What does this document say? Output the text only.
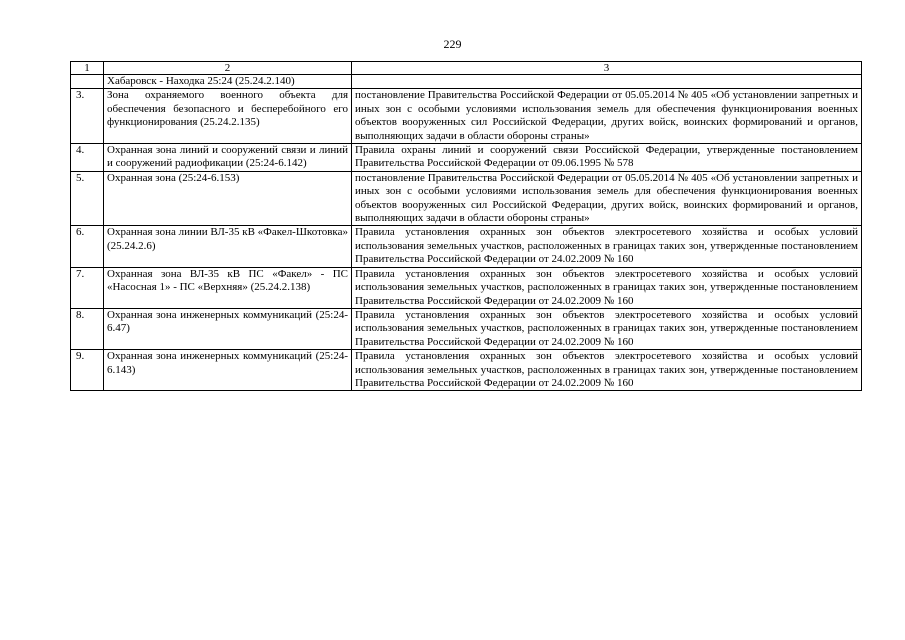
229
1	2	3
	Хабаровск - Находка 25:24 (25.24.2.140)	
3.	Зона охраняемого военного объекта для обеспечения безопасного и бесперебойного его функционирования (25.24.2.135)	постановление Правительства Российской Федерации от 05.05.2014 № 405 «Об установлении запретных и иных зон с особыми условиями использования земель для обеспечения функционирования военных объектов вооруженных сил Российской Федерации, других войск, воинских формирований и органов, выполняющих задачи в области обороны страны»
4.	Охранная зона линий и сооружений связи и линий и сооружений радиофикации (25:24-6.142)	Правила охраны линий и сооружений связи Российской Федерации, утвержденные постановлением Правительства Российской Федерации от 09.06.1995 № 578
5.	Охранная зона (25:24-6.153)	постановление Правительства Российской Федерации от 05.05.2014 № 405 «Об установлении запретных и иных зон с особыми условиями использования земель для обеспечения функционирования военных объектов вооруженных сил Российской Федерации, других войск, воинских формирований и органов, выполняющих задачи в области обороны страны»
6.	Охранная зона линии ВЛ-35 кВ «Факел-Шкотовка» (25.24.2.6)	Правила установления охранных зон объектов электросетевого хозяйства и особых условий использования земельных участков, расположенных в границах таких зон, утвержденные постановлением Правительства Российской Федерации от 24.02.2009 № 160
7.	Охранная зона ВЛ-35 кВ ПС «Факел» - ПС «Насосная 1» - ПС «Верхняя» (25.24.2.138)	Правила установления охранных зон объектов электросетевого хозяйства и особых условий использования земельных участков, расположенных в границах таких зон, утвержденные постановлением Правительства Российской Федерации от 24.02.2009 № 160
8.	Охранная зона инженерных коммуникаций (25:24-6.47)	Правила установления охранных зон объектов электросетевого хозяйства и особых условий использования земельных участков, расположенных в границах таких зон, утвержденные постановлением Правительства Российской Федерации от 24.02.2009 № 160
9.	Охранная зона инженерных коммуникаций (25:24-6.143)	Правила установления охранных зон объектов электросетевого хозяйства и особых условий использования земельных участков, расположенных в границах таких зон, утвержденные постановлением Правительства Российской Федерации от 24.02.2009 № 160
